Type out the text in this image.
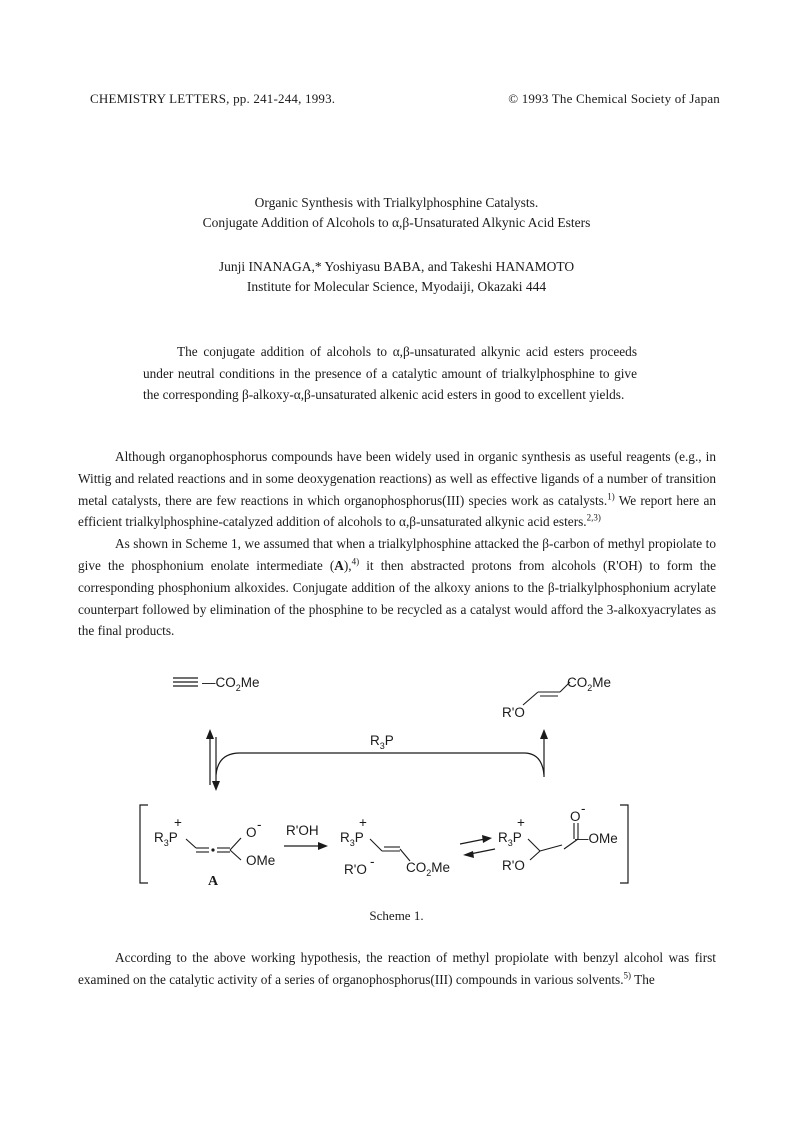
CHEMISTRY LETTERS, pp. 241-244, 1993.	© 1993 The Chemical Society of Japan
Organic Synthesis with Trialkylphosphine Catalysts.
Conjugate Addition of Alcohols to α,β-Unsaturated Alkynic Acid Esters
Junji INANAGA,* Yoshiyasu BABA, and Takeshi HANAMOTO
Institute for Molecular Science, Myodaiji, Okazaki 444

The conjugate addition of alcohols to α,β-unsaturated alkynic acid esters proceeds under neutral conditions in the presence of a catalytic amount of trialkylphosphine to give the corresponding β-alkoxy-α,β-unsaturated alkenic acid esters in good to excellent yields.

Although organophosphorus compounds have been widely used in organic synthesis as useful reagents (e.g., in Wittig and related reactions and in some deoxygenation reactions) as well as effective ligands of a number of transition metal catalysts, there are few reactions in which organophosphorus(III) species work as catalysts.$^{1)}$ We report here an efficient trialkylphosphine-catalyzed addition of alcohols to α,β-unsaturated alkynic acid esters.$^{2,3)}$

As shown in Scheme 1, we assumed that when a trialkylphosphine attacked the β-carbon of methyl propiolate to give the phosphonium enolate intermediate (A),$^{4)}$ it then abstracted protons from alcohols (R'OH) to form the corresponding phosphonium alkoxides. Conjugate addition of the alkoxy anions to the β-trialkylphosphonium acrylate counterpart followed by elimination of the phosphine to be recycled as a catalyst would afford the 3-alkoxyacrylates as the final products.

$—CO_2Me$	$CO_2Me$
R'O
$R_3P$
+
$R_3P$	O
-
OMe
A
R'OH
+
$R_3P$
$CO_2Me$
R'O
-
+
$R_3P$
O
-
—OMe
R'O
Scheme 1.

According to the above working hypothesis, the reaction of methyl propiolate with benzyl alcohol was first examined on the catalytic activity of a series of organophosphorus(III) compounds in various solvents.$^{5)}$ The
